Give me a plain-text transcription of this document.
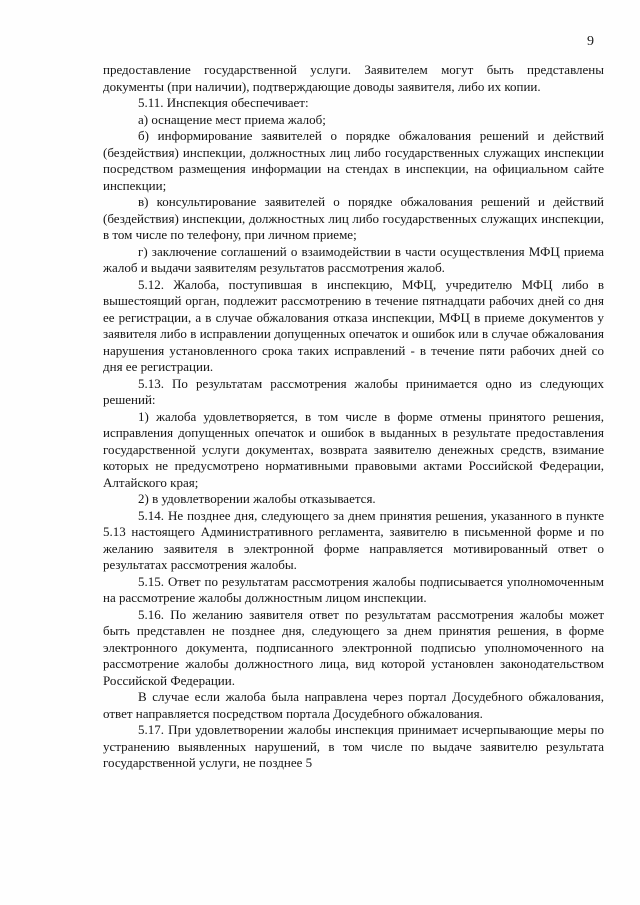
9

предоставление государственной услуги. Заявителем могут быть представлены документы (при наличии), подтверждающие доводы заявителя, либо их копии.

5.11. Инспекция обеспечивает:

а) оснащение мест приема жалоб;

б) информирование заявителей о порядке обжалования решений и действий (бездействия) инспекции, должностных лиц либо государственных служащих инспекции посредством размещения информации на стендах в инспекции, на официальном сайте инспекции;

в) консультирование заявителей о порядке обжалования решений и действий (бездействия) инспекции, должностных лиц либо государственных служащих инспекции, в том числе по телефону, при личном приеме;

г) заключение соглашений о взаимодействии в части осуществления МФЦ приема жалоб и выдачи заявителям результатов рассмотрения жалоб.

5.12. Жалоба, поступившая в инспекцию, МФЦ, учредителю МФЦ либо в вышестоящий орган, подлежит рассмотрению в течение пятнадцати рабочих дней со дня ее регистрации, а в случае обжалования отказа инспекции, МФЦ в приеме документов у заявителя либо в исправлении допущенных опечаток и ошибок или в случае обжалования нарушения установленного срока таких исправлений - в течение пяти рабочих дней со дня ее регистрации.

5.13. По результатам рассмотрения жалобы принимается одно из следующих решений:

1) жалоба удовлетворяется, в том числе в форме отмены принятого решения, исправления допущенных опечаток и ошибок в выданных в результате предоставления государственной услуги документах, возврата заявителю денежных средств, взимание которых не предусмотрено нормативными правовыми актами Российской Федерации, Алтайского края;

2) в удовлетворении жалобы отказывается.

5.14. Не позднее дня, следующего за днем принятия решения, указанного в пункте 5.13 настоящего Административного регламента, заявителю в письменной форме и по желанию заявителя в электронной форме направляется мотивированный ответ о результатах рассмотрения жалобы.

5.15. Ответ по результатам рассмотрения жалобы подписывается уполномоченным на рассмотрение жалобы должностным лицом инспекции.

5.16. По желанию заявителя ответ по результатам рассмотрения жалобы может быть представлен не позднее дня, следующего за днем принятия решения, в форме электронного документа, подписанного электронной подписью уполномоченного на рассмотрение жалобы должностного лица, вид которой установлен законодательством Российской Федерации.

В случае если жалоба была направлена через портал Досудебного обжалования, ответ направляется посредством портала Досудебного обжалования.

5.17. При удовлетворении жалобы инспекция принимает исчерпывающие меры по устранению выявленных нарушений, в том числе по выдаче заявителю результата государственной услуги, не позднее 5
